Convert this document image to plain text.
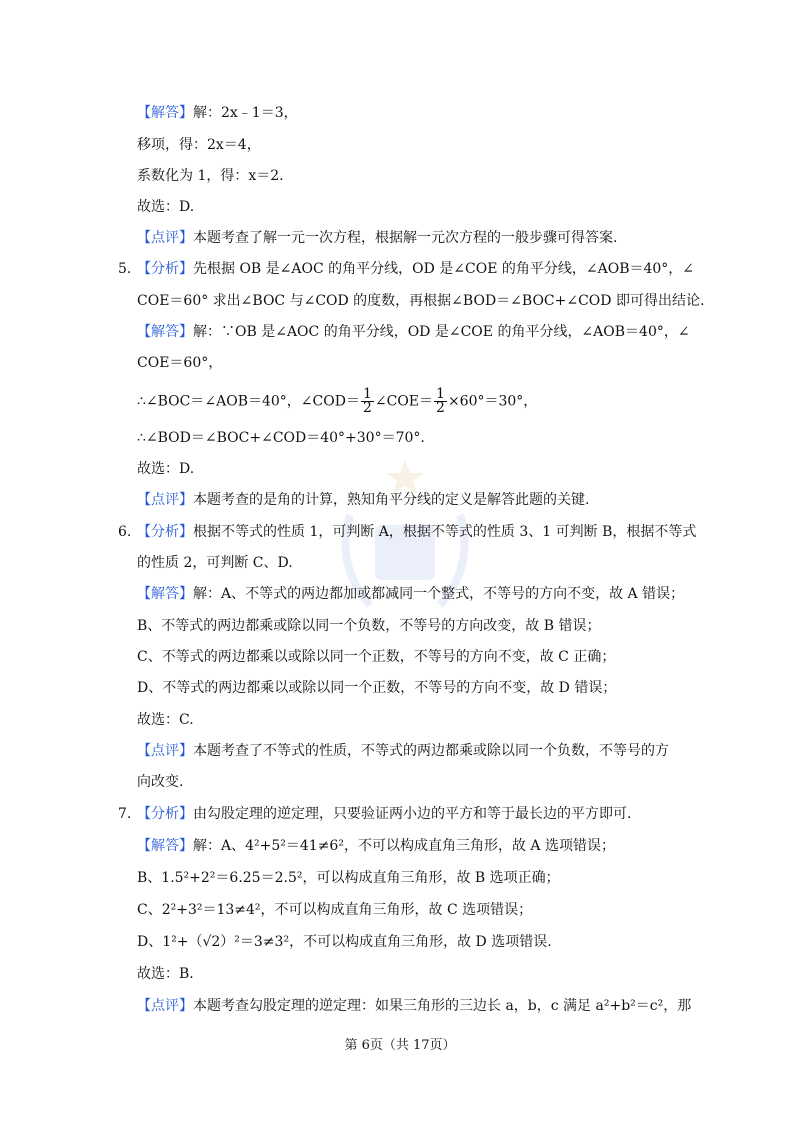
【解答】解：2x﹣1＝3，
移项，得：2x＝4，
系数化为 1，得：x＝2.
故选：D.
【点评】本题考查了解一元一次方程，根据解一元次方程的一般步骤可得答案.
5. 【分析】先根据 OB 是∠AOC 的角平分线，OD 是∠COE 的角平分线，∠AOB＝40°，∠
COE＝60° 求出∠BOC 与∠COD 的度数，再根据∠BOD＝∠BOC+∠COD 即可得出结论.
【解答】解：∵OB 是∠AOC 的角平分线，OD 是∠COE 的角平分线，∠AOB＝40°，∠
COE＝60°，
∴∠BOC＝∠AOB＝40°，∠COD＝ $\frac{1}{2}$ ∠COE＝ $\frac{1}{2} \times 60^\circ=30^\circ$，
∴∠BOD＝∠BOC+∠COD＝40°+30°＝70°.
故选：D.
【点评】本题考查的是角的计算，熟知角平分线的定义是解答此题的关键.
6. 【分析】根据不等式的性质 1，可判断 A，根据不等式的性质 3、1 可判断 B，根据不等式
的性质 2，可判断 C、D.
【解答】解：A、不等式的两边都加或都减同一个整式，不等号的方向不变，故 A 错误；
B、不等式的两边都乘或除以同一个负数，不等号的方向改变，故 B 错误；
C、不等式的两边都乘以或除以同一个正数，不等号的方向不变，故 C 正确；
D、不等式的两边都乘以或除以同一个正数，不等号的方向不变，故 D 错误；
故选：C.
【点评】本题考查了不等式的性质，不等式的两边都乘或除以同一个负数，不等号的方
向改变.
7. 【分析】由勾股定理的逆定理，只要验证两小边的平方和等于最长边的平方即可.
【解答】解：A、4²+5²＝41≠6²，不可以构成直角三角形，故 A 选项错误；
B、1.5²+2²＝6.25＝2.5²，可以构成直角三角形，故 B 选项正确；
C、2²+3²＝13≠4²，不可以构成直角三角形，故 C 选项错误；
D、1²+（√2）²＝3≠3²，不可以构成直角三角形，故 D 选项错误.
故选：B.
【点评】本题考查勾股定理的逆定理：如果三角形的三边长 a，b，c 满足 a²+b²＝c²，那
第 6页（共 17页）
